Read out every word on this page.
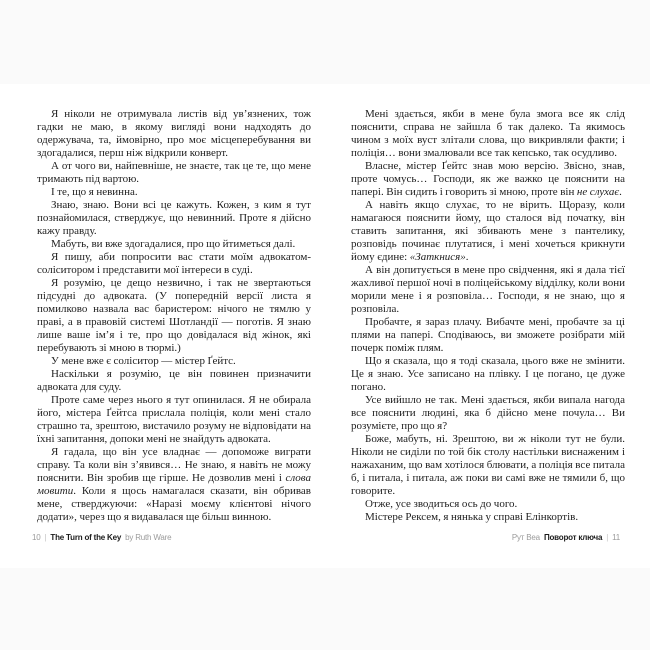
Я ніколи не отримувала листів від ув’язнених, тож гадки не маю, в якому вигляді вони надходять до одержувача, та, ймовірно, про моє місцеперебування ви здогадалися, перш ніж відкрили конверт.

А от чого ви, найпевніше, не знаєте, так це те, що мене тримають під вартою.

І те, що я невинна.

Знаю, знаю. Вони всі це кажуть. Кожен, з ким я тут познайомилася, стверджує, що невинний. Проте я дійсно кажу правду.

Мабуть, ви вже здогадалися, про що йтиметься далі.

Я пишу, аби попросити вас стати моїм адвокатом-соліситором і представити мої інтереси в суді.

Я розумію, це дещо незвично, і так не звертаються підсудні до адвоката. (У попередній версії листа я помилково назвала вас баристером: нічого не тямлю у праві, а в правовій системі Шотландії — поготів. Я знаю лише ваше ім’я і те, про що довідалася від жінок, які перебувають зі мною в тюрмі.)

У мене вже є соліситор — містер Ґейтс.

Наскільки я розумію, це він повинен призначити адвоката для суду.

Проте саме через нього я тут опинилася. Я не обирала його, містера Ґейтса прислала поліція, коли мені стало страшно та, зрештою, вистачило розуму не відповідати на їхні запитання, допоки мені не знайдуть адвоката.

Я гадала, що він усе владнає — допоможе виграти справу. Та коли він з’явився… Не знаю, я навіть не можу пояснити. Він зробив ще гірше. Не дозволив мені і слова мовити. Коли я щось намагалася сказати, він обривав мене, стверджуючи: «Наразі моєму клієнтові нічого додати», через що я видавалася ще більш винною.

10 | The Turn of the Key by Ruth Ware

Мені здається, якби в мене була змога все як слід пояснити, справа не зайшла б так далеко. Та якимось чином з моїх вуст злітали слова, що викривляли факти; і поліція… вони змалювали все так кепсько, так осудливо.

Власне, містер Ґейтс знав мою версію. Звісно, знав, проте чомусь… Господи, як же важко це пояснити на папері. Він сидить і говорить зі мною, проте він не слухає.

А навіть якщо слухає, то не вірить. Щоразу, коли намагаюся пояснити йому, що сталося від початку, він ставить запитання, які збивають мене з пантелику, розповідь починає плутатися, і мені хочеться крикнути йому єдине: «Заткнися».

А він допитується в мене про свідчення, які я дала тієї жахливої першої ночі в поліцейському відділку, коли вони морили мене і я розповіла… Господи, я не знаю, що я розповіла.

Пробачте, я зараз плачу. Вибачте мені, пробачте за ці плями на папері. Сподіваюсь, ви зможете розібрати мій почерк поміж плям.

Що я сказала, що я тоді сказала, цього вже не змінити. Це я знаю. Усе записано на плівку. І це погано, це дуже погано.

Усе вийшло не так. Мені здається, якби випала нагода все пояснити людині, яка б дійсно мене почула… Ви розумієте, про що я?

Боже, мабуть, ні. Зрештою, ви ж ніколи тут не були. Ніколи не сиділи по той бік столу настільки виснаженим і нажаханим, що вам хотілося блювати, а поліція все питала б, і питала, і питала, аж поки ви самі вже не тямили б, що говорите.

Отже, усе зводиться ось до чого.

Містере Рексем, я нянька у справі Елінкортів.

Рут Веа Поворот ключа | 11
